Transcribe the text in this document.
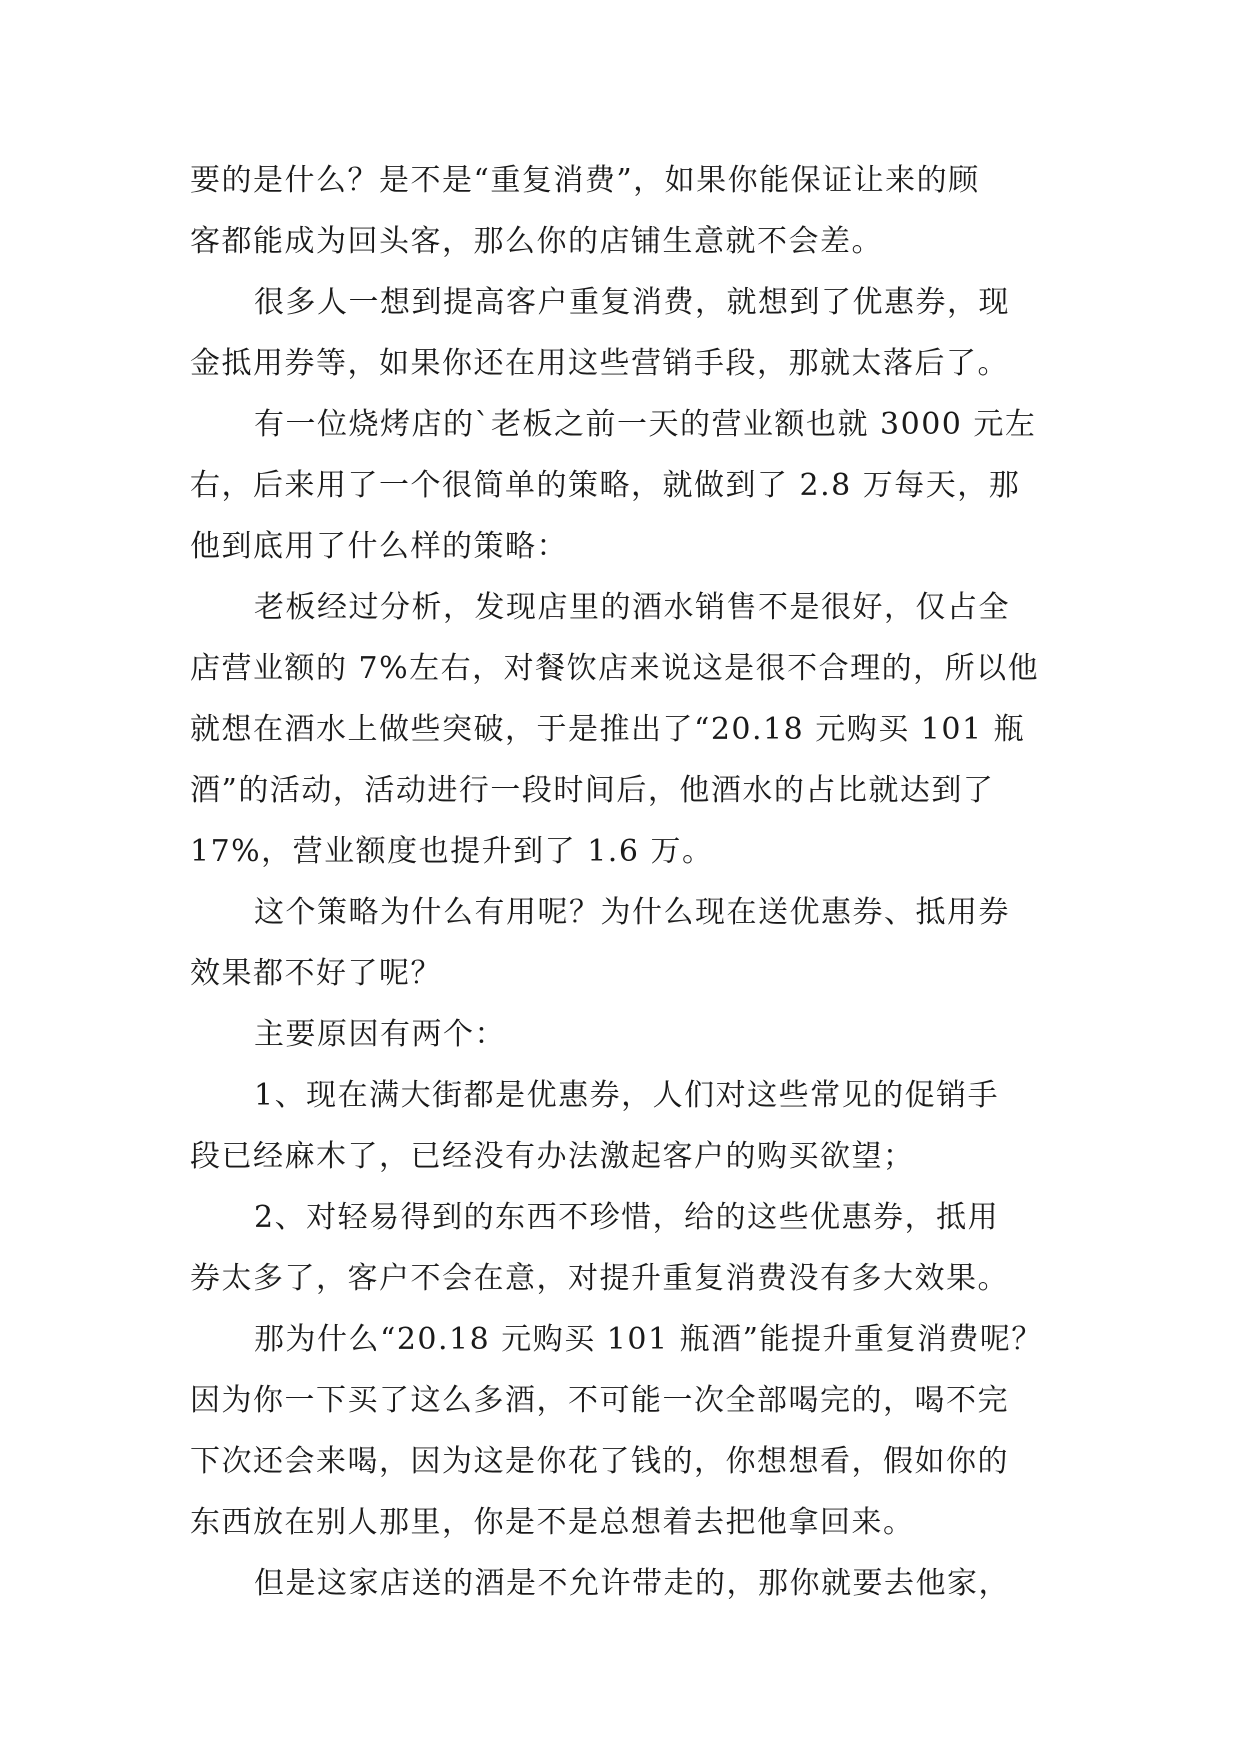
要的是什么？是不是“重复消费”，如果你能保证让来的顾
客都能成为回头客，那么你的店铺生意就不会差。
很多人一想到提高客户重复消费，就想到了优惠券，现
金抵用券等，如果你还在用这些营销手段，那就太落后了。
有一位烧烤店的`老板之前一天的营业额也就 3000 元左
右，后来用了一个很简单的策略，就做到了 2.8 万每天，那
他到底用了什么样的策略：
老板经过分析，发现店里的酒水销售不是很好，仅占全
店营业额的 7%左右，对餐饮店来说这是很不合理的，所以他
就想在酒水上做些突破，于是推出了“20.18 元购买 101 瓶
酒”的活动，活动进行一段时间后，他酒水的占比就达到了
17%，营业额度也提升到了 1.6 万。
这个策略为什么有用呢？为什么现在送优惠券、抵用券
效果都不好了呢？
主要原因有两个：
1、现在满大街都是优惠券，人们对这些常见的促销手
段已经麻木了，已经没有办法激起客户的购买欲望；
2、对轻易得到的东西不珍惜，给的这些优惠券，抵用
券太多了，客户不会在意，对提升重复消费没有多大效果。
那为什么“20.18 元购买 101 瓶酒”能提升重复消费呢？
因为你一下买了这么多酒，不可能一次全部喝完的，喝不完
下次还会来喝，因为这是你花了钱的，你想想看，假如你的
东西放在别人那里，你是不是总想着去把他拿回来。
但是这家店送的酒是不允许带走的，那你就要去他家，
